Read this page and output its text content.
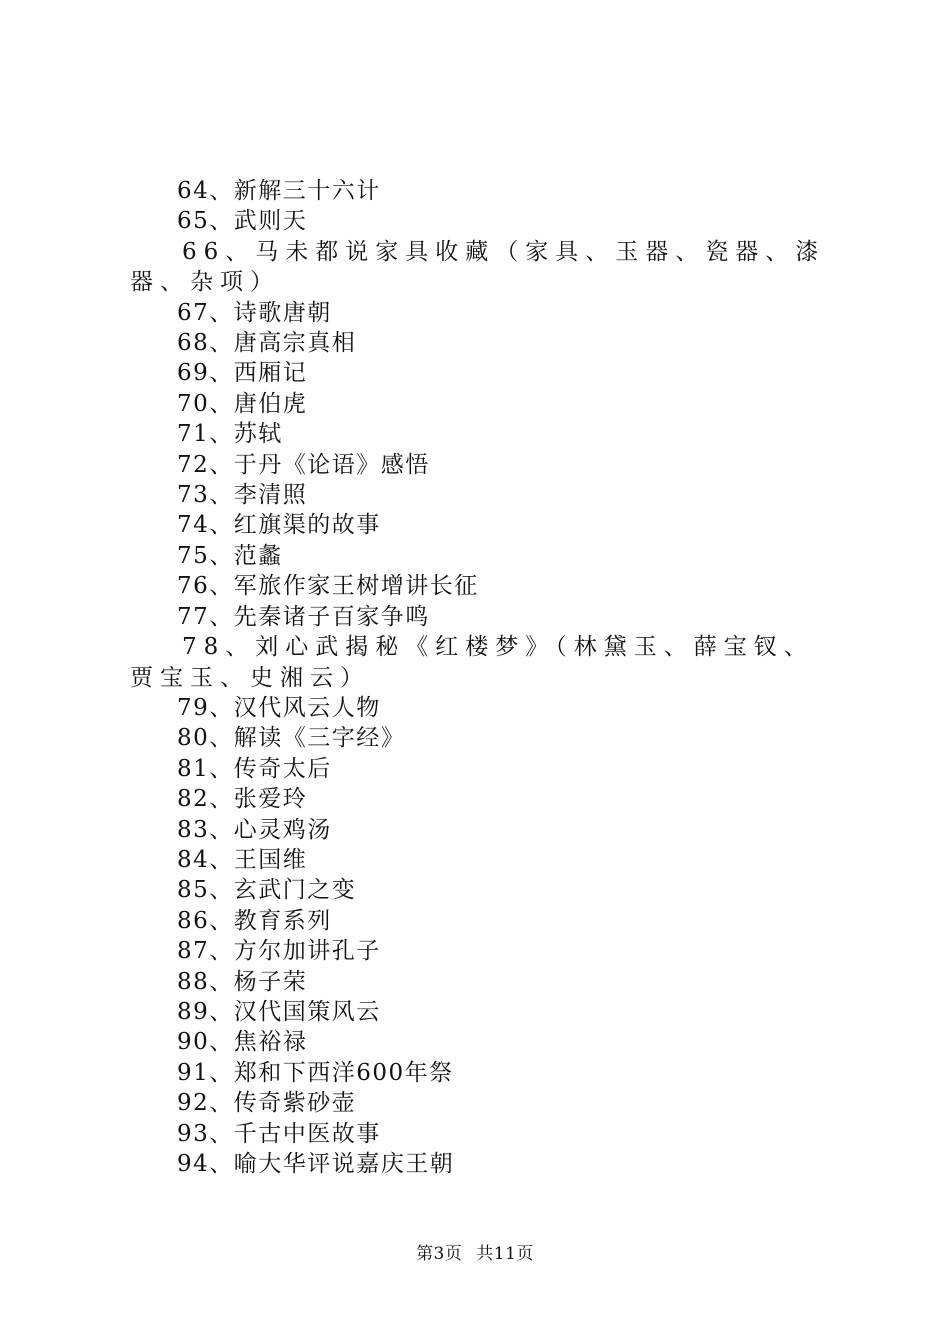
64、新解三十六计
65、武则天
66、马未都说家具收藏（家具、玉器、瓷器、漆器、杂项）
67、诗歌唐朝
68、唐高宗真相
69、西厢记
70、唐伯虎
71、苏轼
72、于丹《论语》感悟
73、李清照
74、红旗渠的故事
75、范蠡
76、军旅作家王树增讲长征
77、先秦诸子百家争鸣
78、刘心武揭秘《红楼梦》（林黛玉、薛宝钗、贾宝玉、史湘云）
79、汉代风云人物
80、解读《三字经》
81、传奇太后
82、张爱玲
83、心灵鸡汤
84、王国维
85、玄武门之变
86、教育系列
87、方尔加讲孔子
88、杨子荣
89、汉代国策风云
90、焦裕禄
91、郑和下西洋600年祭
92、传奇紫砂壶
93、千古中医故事
94、喻大华评说嘉庆王朝
第3页 共11页
